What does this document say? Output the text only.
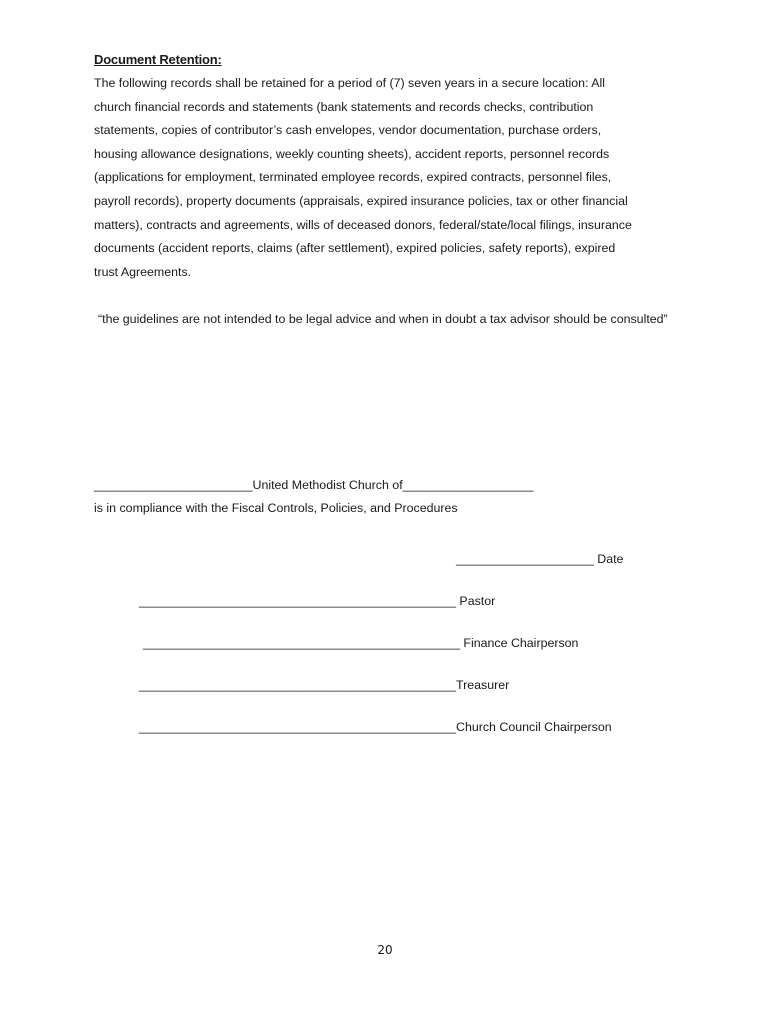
Document Retention:
The following records shall be retained for a period of (7) seven years in a secure location: All
church financial records and statements (bank statements and records checks, contribution
statements, copies of contributor’s cash envelopes, vendor documentation, purchase orders,
housing allowance designations, weekly counting sheets), accident reports, personnel records
(applications for employment, terminated employee records, expired contracts, personnel files,
payroll records), property documents (appraisals, expired insurance policies, tax or other financial
matters), contracts and agreements, wills of deceased donors, federal/state/local filings, insurance
documents (accident reports, claims (after settlement), expired policies, safety reports), expired
trust Agreements.
“the guidelines are not intended to be legal advice and when in doubt a tax advisor should be consulted”
_______________________United Methodist Church of___________________
is in compliance with the Fiscal Controls, Policies, and Procedures
____________________ Date
______________________________________________ Pastor
______________________________________________ Finance Chairperson
______________________________________________Treasurer
______________________________________________Church Council Chairperson
20
